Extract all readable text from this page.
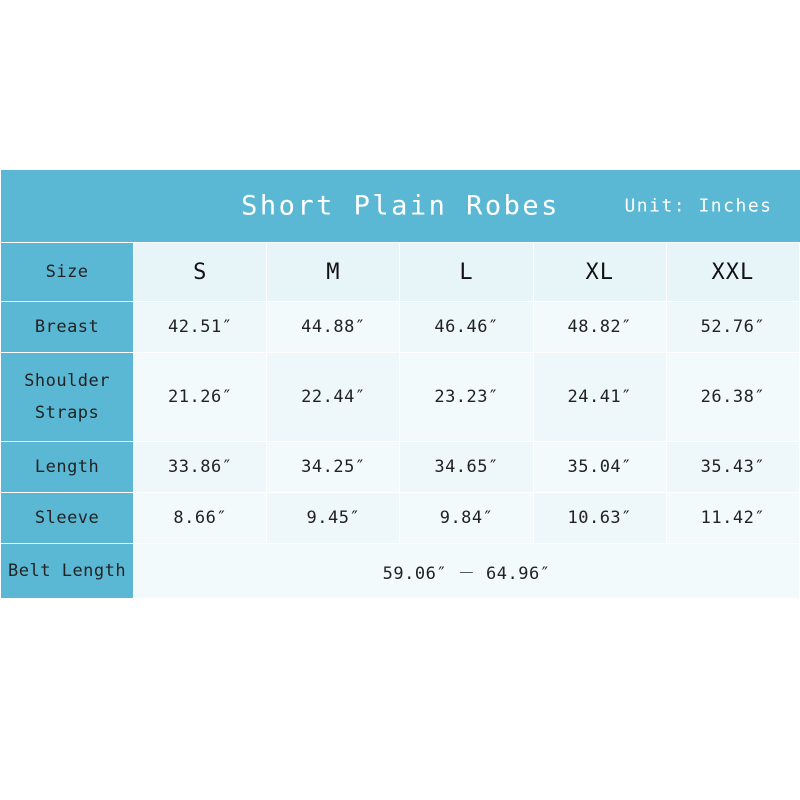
Short Plain Robes Unit: Inches					

Size	S	M	L	XL	XXL
Breast	42.51″	44.88″	46.46″	48.82″	52.76″

Shoulder
Straps	21.26″	22.44″	23.23″	24.41″	26.38″
Length	33.86″	34.25″	34.65″	35.04″	35.43″
Sleeve	8.66″	9.45″	9.84″	10.63″	11.42″
Belt Length	59.06″ － 64.96″				
